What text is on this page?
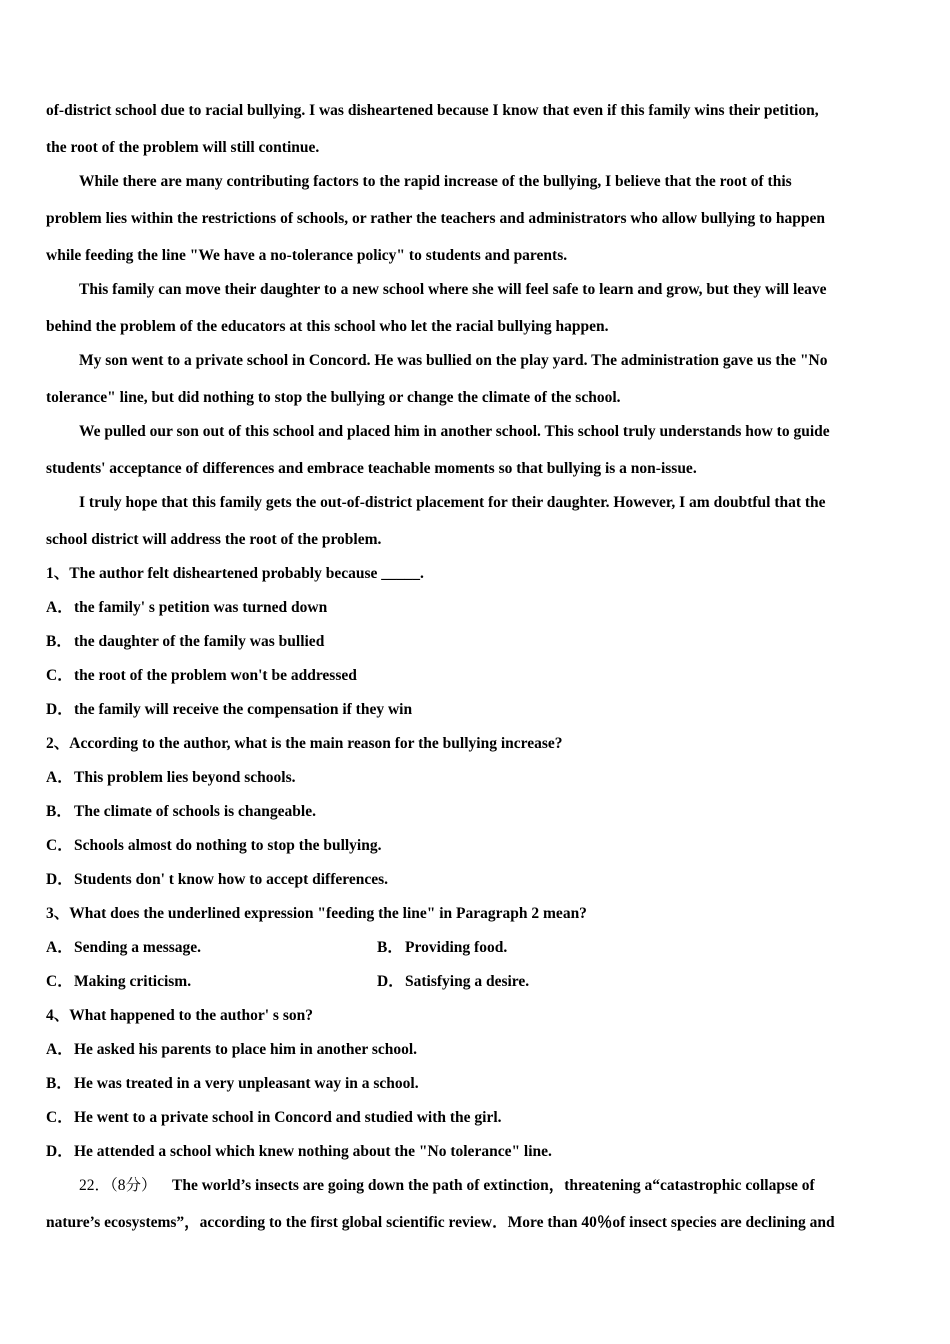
of-district school due to racial bullying. I was disheartened because I know that even if this family wins their petition,
the root of the problem will still continue.
While there are many contributing factors to the rapid increase of the bullying, I believe that the root of this
problem lies within the restrictions of schools, or rather the teachers and administrators who allow bullying to happen
while feeding the line "We have a no-tolerance policy" to students and parents.
This family can move their daughter to a new school where she will feel safe to learn and grow, but they will leave
behind the problem of the educators at this school who let the racial bullying happen.
My son went to a private school in Concord. He was bullied on the play yard. The administration gave us the "No
tolerance" line, but did nothing to stop the bullying or change the climate of the school.
We pulled our son out of this school and placed him in another school. This school truly understands how to guide
students' acceptance of differences and embrace teachable moments so that bullying is a non-issue.
I truly hope that this family gets the out-of-district placement for their daughter. However, I am doubtful that the
school district will address the root of the problem.
1、The author felt disheartened probably because _____.
A．the family' s petition was turned down
B． the daughter of the family was bullied
C．the root of the problem won't be addressed
D．the family will receive the compensation if they win
2、According to the author, what is the main reason for the bullying increase?
A．This problem lies beyond schools.
B． The climate of schools is changeable.
C．Schools almost do nothing to stop the bullying.
D．Students don' t know how to accept differences.
3、What does the underlined expression "feeding the line" in Paragraph 2 mean?
A．Sending a message.	B． Providing food.
C．Making criticism.	D．Satisfying a desire.
4、What happened to the author' s son?
A．He asked his parents to place him in another school.
B． He was treated in a very unpleasant way in a school.
C．He went to a private school in Concord and studied with the girl.
D．He attended a school which knew nothing about the "No tolerance" line.
22．（8分） The world’s insects are going down the path of extinction，threatening a“catastrophic collapse of
nature’s ecosystems”，according to the first global scientific review．More than 40％of insect species are declining and
